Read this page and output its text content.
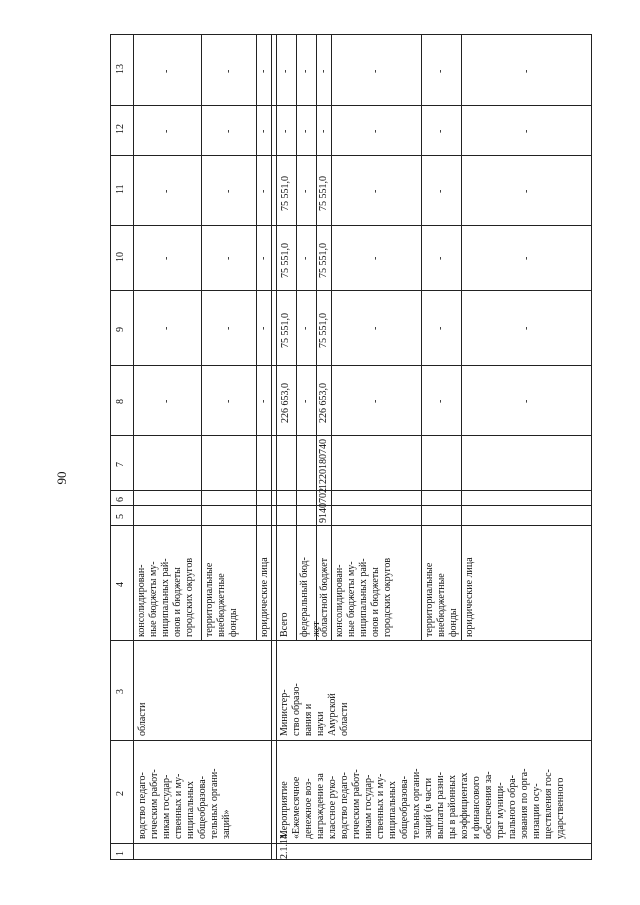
90
1
2
3
4
5
6
7
8
9
10
11
12
13
водство педаго-
гическим работ-
никам государ-
ственных и му-
ниципальных
общеобразова-
тельных органи-
заций»
области
консолидирован-
ные бюджеты му-
ниципальных рай-
онов и бюджеты
городских округов
-
-
-
-
-
-
территориальные
внебюджетные
фонды
-
-
-
-
-
-
юридические лица
-
-
-
-
-
-
2.1.14.
Мероприятие
«Ежемесячное
денежное воз-
награждение за
классное руко-
водство педаго-
гическим работ-
никам государ-
ственных и му-
ниципальных
общеобразова-
тельных органи-
заций (в части
выплаты разни-
цы в районных
коэффициентах
и финансового
обеспечения за-
трат муници-
пального обра-
зования по орга-
низации осу-
ществления гос-
ударственного
Министер-
ство образо-
вания и
науки
Амурской
области
Всего
226 653,0
75 551,0
75 551,0
75 551,0
-
-
федеральный бюд-
жет
-
-
-
-
-
-
областной бюджет
914
0702
1220180740
226 653,0
75 551,0
75 551,0
75 551,0
-
-
консолидирован-
ные бюджеты му-
ниципальных рай-
онов и бюджеты
городских округов
-
-
-
-
-
-
территориальные
внебюджетные
фонды
-
-
-
-
-
-
юридические лица
-
-
-
-
-
-
